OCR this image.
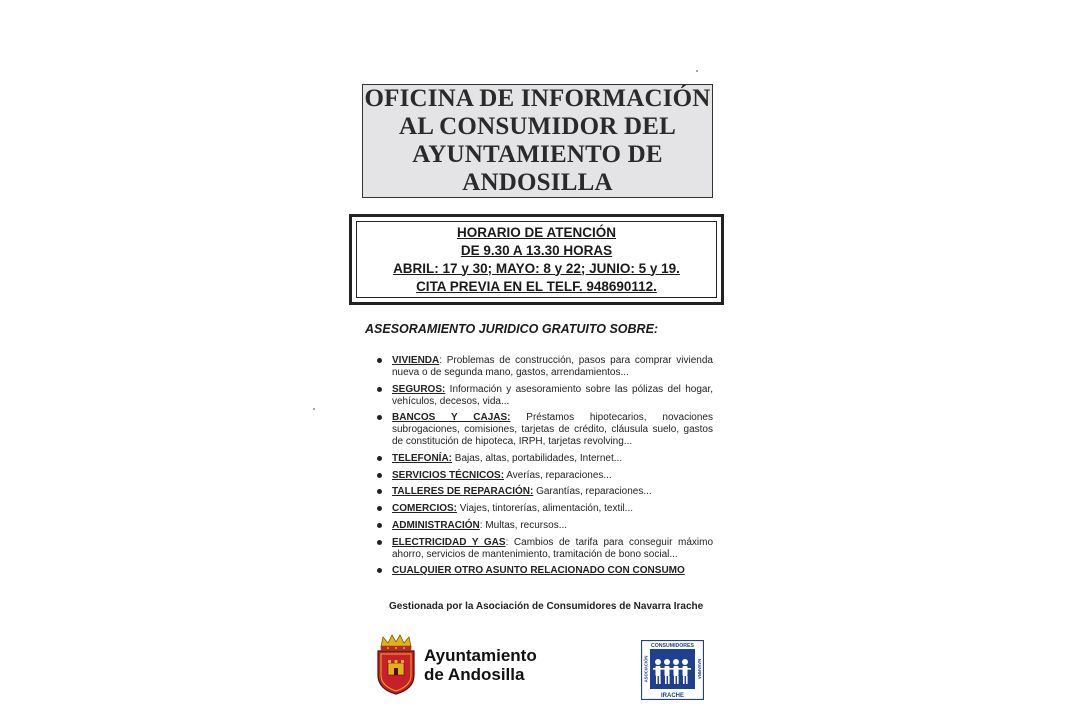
OFICINA DE INFORMACIÓN
AL CONSUMIDOR DEL
AYUNTAMIENTO DE
ANDOSILLA
HORARIO DE ATENCIÓN
DE 9.30 A 13.30 HORAS
ABRIL: 17 y 30; MAYO: 8 y 22; JUNIO: 5 y 19.
CITA PREVIA EN EL TELF. 948690112.
ASESORAMIENTO JURIDICO GRATUITO SOBRE:
VIVIENDA: Problemas de construcción, pasos para comprar vivienda nueva o de segunda mano, gastos, arrendamientos...
SEGUROS: Información y asesoramiento sobre las pólizas del hogar, vehículos, decesos, vida...
BANCOS Y CAJAS: Préstamos hipotecarios, novaciones subrogaciones, comisiones, tarjetas de crédito, cláusula suelo, gastos de constitución de hipoteca, IRPH, tarjetas revolving...
TELEFONÍA: Bajas, altas, portabilidades, Internet...
SERVICIOS TÉCNICOS: Averías, reparaciones...
TALLERES DE REPARACIÓN: Garantías, reparaciones...
COMERCIOS: Viajes, tintorerías, alimentación, textil...
ADMINISTRACIÓN: Multas, recursos...
ELECTRICIDAD Y GAS: Cambios de tarifa para conseguir máximo ahorro, servicios de mantenimiento, tramitación de bono social...
CUALQUIER OTRO ASUNTO RELACIONADO CON CONSUMO
Gestionada por la Asociación de Consumidores de Navarra Irache
Ayuntamiento
de Andosilla
CONSUMIDORES
IRACHE
ASOCIACIÓN	NAVARRA
